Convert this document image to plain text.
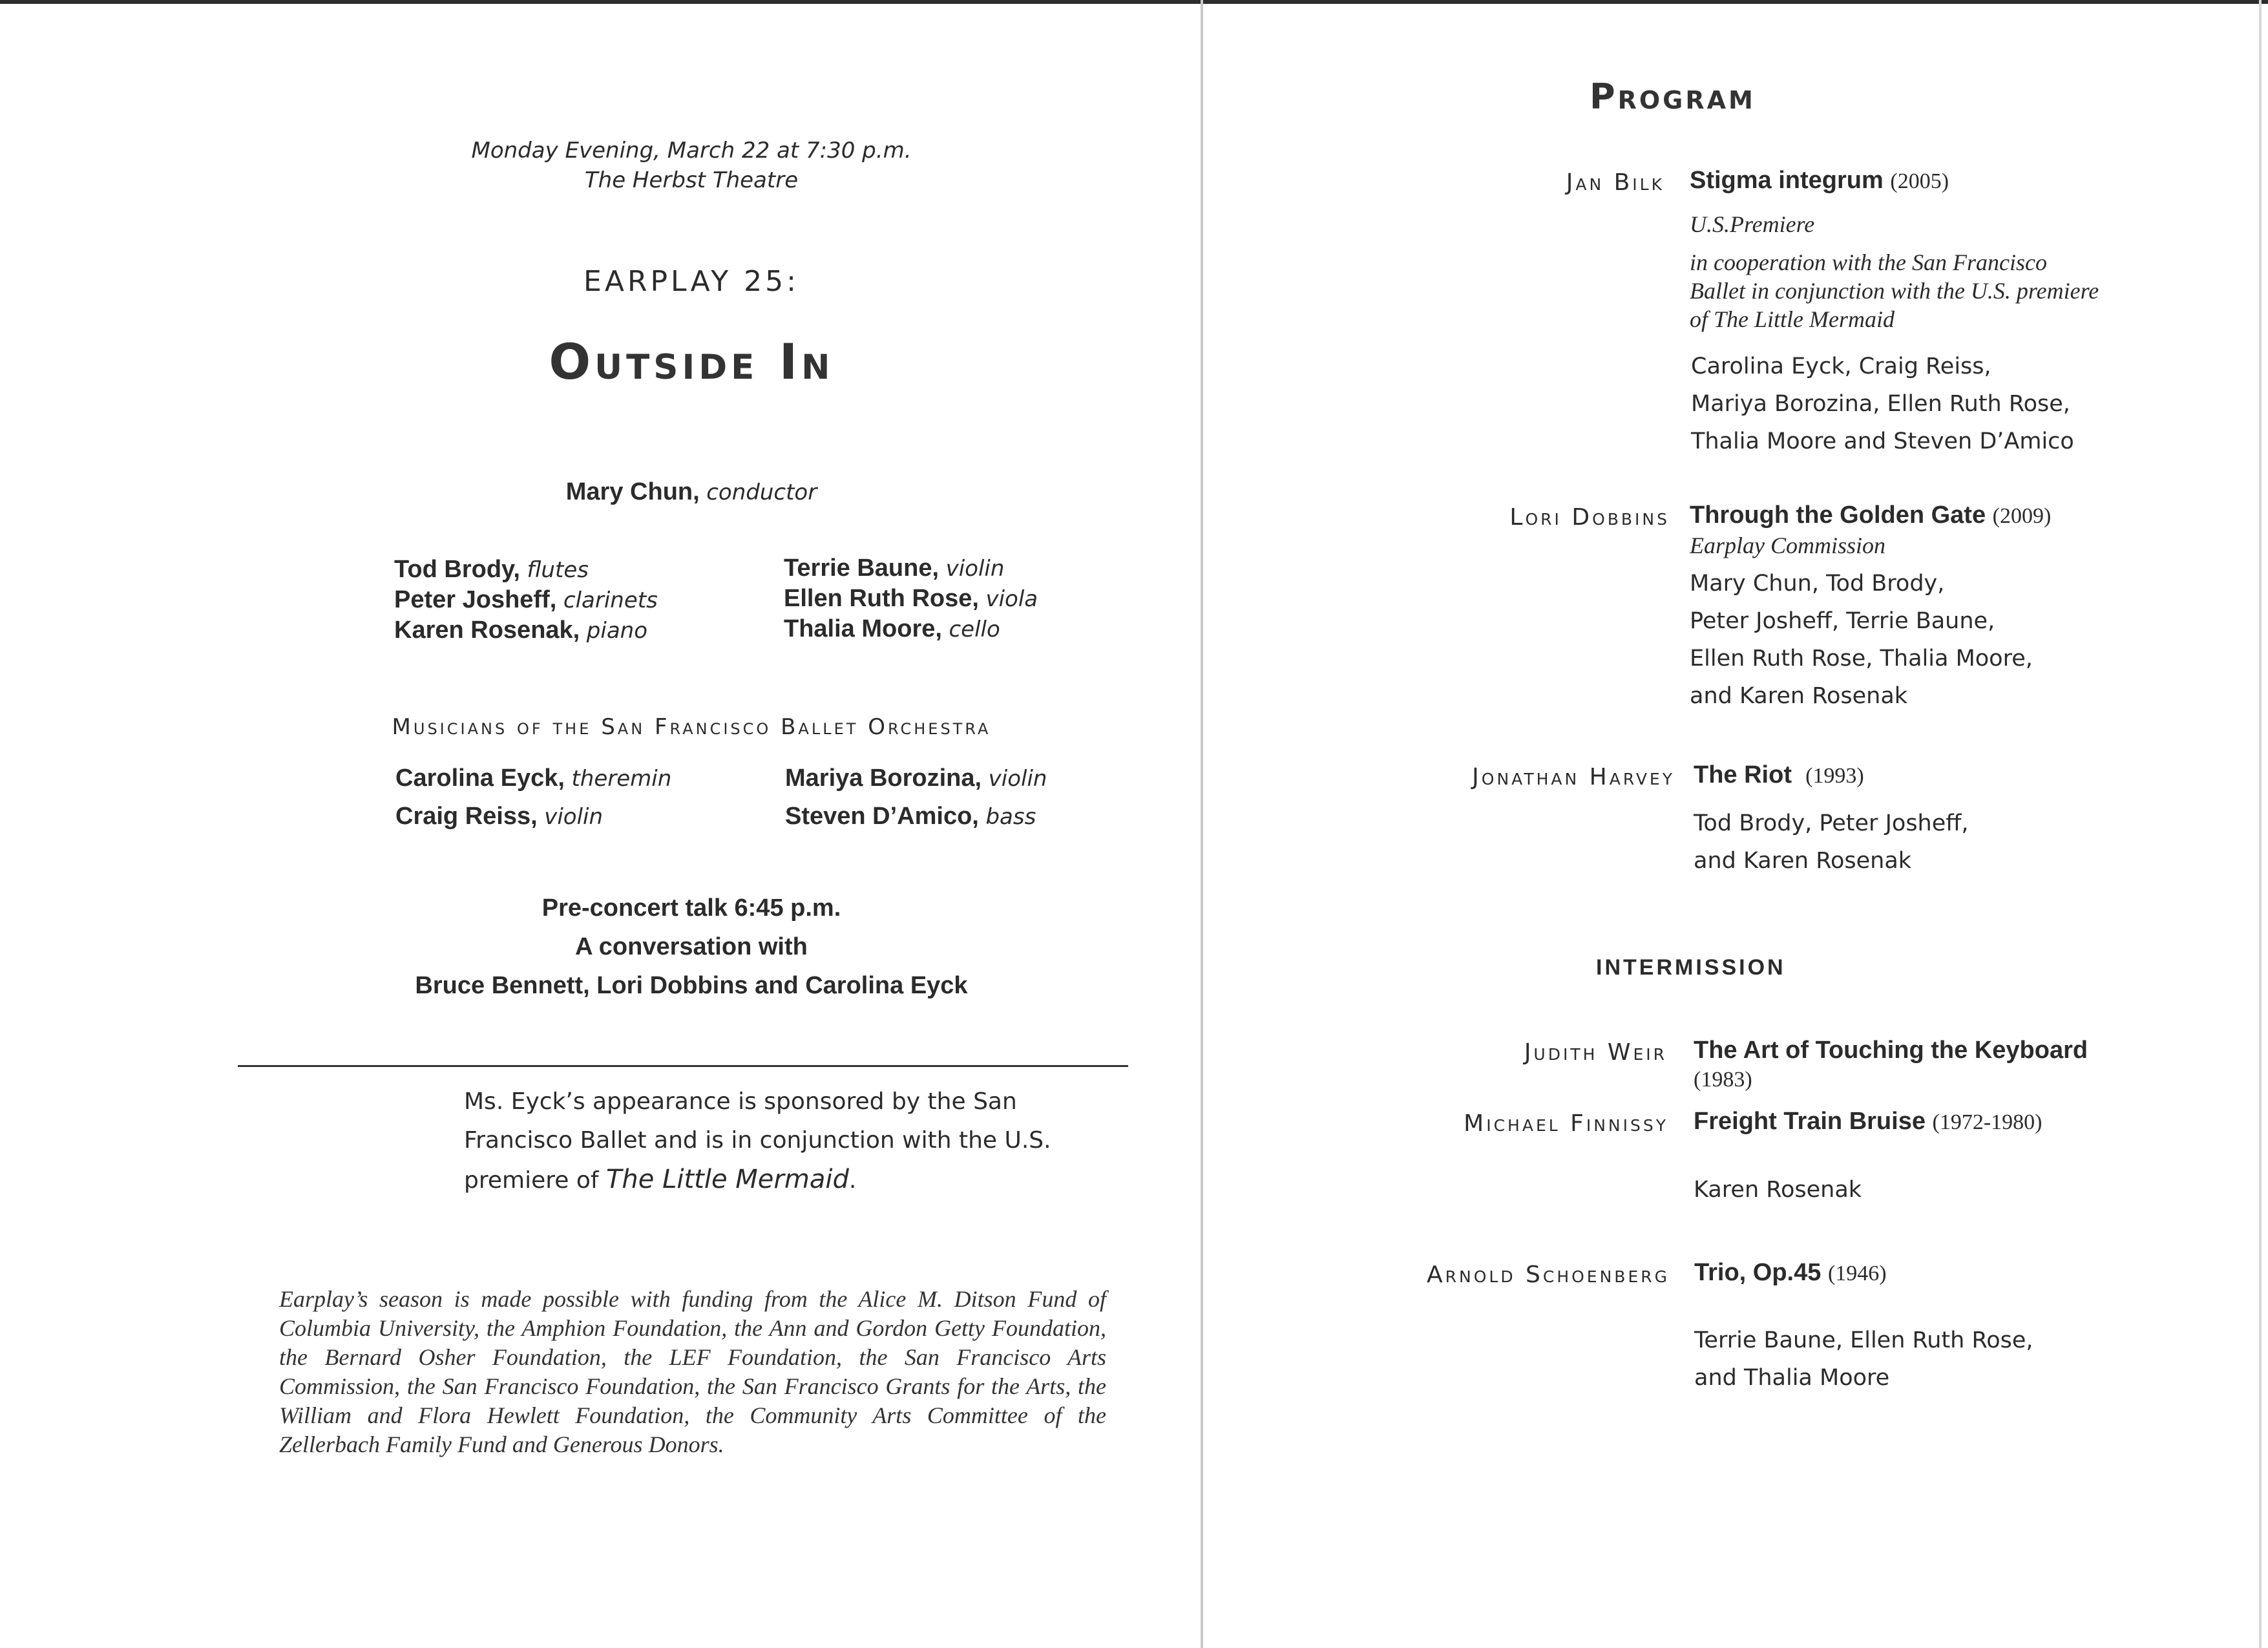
Monday Evening, March 22 at 7:30 p.m.
The Herbst Theatre
EARPLAY 25:
Outside In
Mary Chun, conductor
Tod Brody, flutes
Peter Josheff, clarinets
Karen Rosenak, piano
Terrie Baune, violin
Ellen Ruth Rose, viola
Thalia Moore, cello
Musicians of the San Francisco Ballet Orchestra
Carolina Eyck, theremin
Craig Reiss, violin
Mariya Borozina, violin
Steven D’Amico, bass
Pre-concert talk 6:45 p.m.
A conversation with
Bruce Bennett, Lori Dobbins and Carolina Eyck
Ms. Eyck’s appearance is sponsored by the San
Francisco Ballet and is in conjunction with the U.S.
premiere of The Little Mermaid.
Earplay’s season is made possible with funding from the Alice M. Ditson Fund of Columbia University, the Amphion Foundation, the Ann and Gordon Getty Foundation, the Bernard Osher Foundation, the LEF Foundation, the San Francisco Arts Commission, the San Francisco Foundation, the San Francisco Grants for the Arts, the William and Flora Hewlett Foundation, the Community Arts Committee of the Zellerbach Family Fund and Generous Donors.
Program
Jan Bilk Stigma integrum (2005)
U.S.Premiere
in cooperation with the San Francisco Ballet in conjunction with the U.S. premiere of The Little Mermaid
Carolina Eyck, Craig Reiss,
Mariya Borozina, Ellen Ruth Rose,
Thalia Moore and Steven D’Amico
Lori Dobbins Through the Golden Gate (2009)
Earplay Commission
Mary Chun, Tod Brody,
Peter Josheff, Terrie Baune,
Ellen Ruth Rose, Thalia Moore,
and Karen Rosenak
Jonathan Harvey The Riot (1993)
Tod Brody, Peter Josheff,
and Karen Rosenak
INTERMISSION
Judith Weir The Art of Touching the Keyboard
(1983)
Michael Finnissy Freight Train Bruise (1972-1980)
Karen Rosenak
Arnold Schoenberg Trio, Op.45 (1946)
Terrie Baune, Ellen Ruth Rose,
and Thalia Moore
